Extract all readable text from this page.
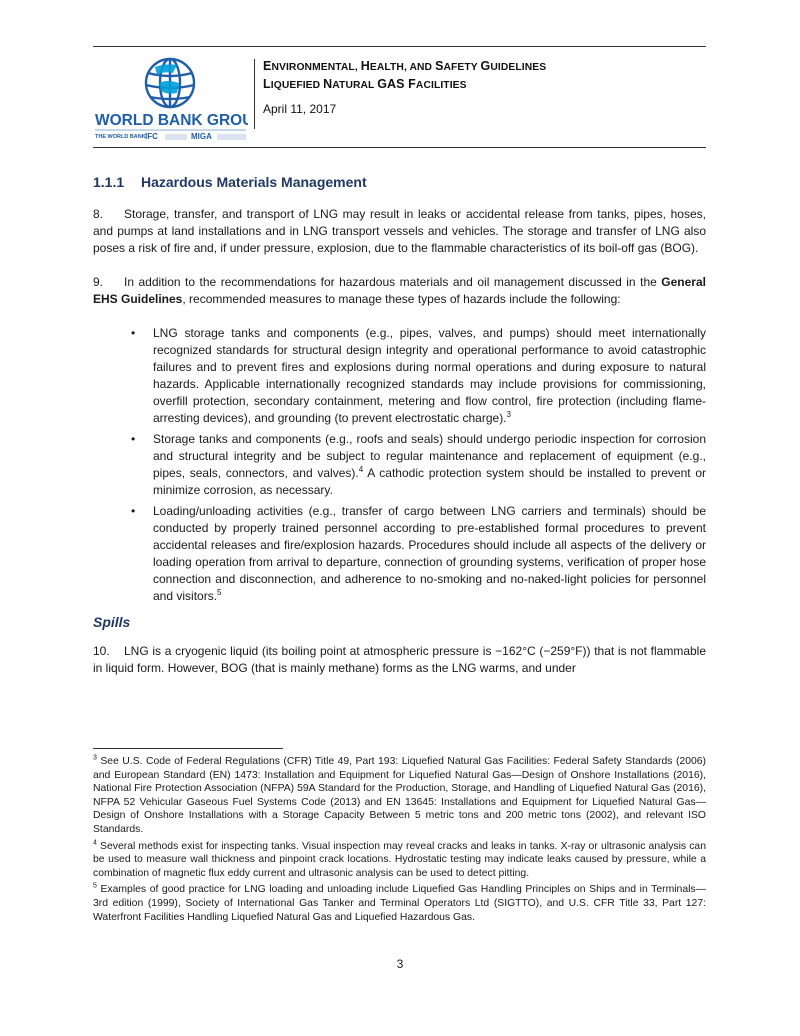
WORLD BANK GROUP
THE WORLD BANK IFC	MIGA
ENVIRONMENTAL, HEALTH, AND SAFETY GUIDELINES
LIQUEFIED NATURAL GAS FACILITIES
April 11, 2017
1.1.1 Hazardous Materials Management

8. Storage, transfer, and transport of LNG may result in leaks or accidental release from tanks, pipes, hoses, and pumps at land installations and in LNG transport vessels and vehicles. The storage and transfer of LNG also poses a risk of fire and, if under pressure, explosion, due to the flammable characteristics of its boil-off gas (BOG).

9. In addition to the recommendations for hazardous materials and oil management discussed in the General EHS Guidelines, recommended measures to manage these types of hazards include the following:

• LNG storage tanks and components (e.g., pipes, valves, and pumps) should meet internationally recognized standards for structural design integrity and operational performance to avoid catastrophic failures and to prevent fires and explosions during normal operations and during exposure to natural hazards. Applicable internationally recognized standards may include provisions for commissioning, overfill protection, secondary containment, metering and flow control, fire protection (including flame-arresting devices), and grounding (to prevent electrostatic charge).$^3$
• Storage tanks and components (e.g., roofs and seals) should undergo periodic inspection for corrosion and structural integrity and be subject to regular maintenance and replacement of equipment (e.g., pipes, seals, connectors, and valves).$^4$ A cathodic protection system should be installed to prevent or minimize corrosion, as necessary.
• Loading/unloading activities (e.g., transfer of cargo between LNG carriers and terminals) should be conducted by properly trained personnel according to pre-established formal procedures to prevent accidental releases and fire/explosion hazards. Procedures should include all aspects of the delivery or loading operation from arrival to departure, connection of grounding systems, verification of proper hose connection and disconnection, and adherence to no-smoking and no-naked-light policies for personnel and visitors.$^5$
Spills

10. LNG is a cryogenic liquid (its boiling point at atmospheric pressure is −162°C (−259°F)) that is not flammable in liquid form. However, BOG (that is mainly methane) forms as the LNG warms, and under

$^3$ See U.S. Code of Federal Regulations (CFR) Title 49, Part 193: Liquefied Natural Gas Facilities: Federal Safety Standards (2006) and European Standard (EN) 1473: Installation and Equipment for Liquefied Natural Gas—Design of Onshore Installations (2016), National Fire Protection Association (NFPA) 59A Standard for the Production, Storage, and Handling of Liquefied Natural Gas (2016), NFPA 52 Vehicular Gaseous Fuel Systems Code (2013) and EN 13645: Installations and Equipment for Liquefied Natural Gas—Design of Onshore Installations with a Storage Capacity Between 5 metric tons and 200 metric tons (2002), and relevant ISO Standards.
$^4$ Several methods exist for inspecting tanks. Visual inspection may reveal cracks and leaks in tanks. X-ray or ultrasonic analysis can be used to measure wall thickness and pinpoint crack locations. Hydrostatic testing may indicate leaks caused by pressure, while a combination of magnetic flux eddy current and ultrasonic analysis can be used to detect pitting.
$^5$ Examples of good practice for LNG loading and unloading include Liquefied Gas Handling Principles on Ships and in Terminals—3rd edition (1999), Society of International Gas Tanker and Terminal Operators Ltd (SIGTTO), and U.S. CFR Title 33, Part 127: Waterfront Facilities Handling Liquefied Natural Gas and Liquefied Hazardous Gas.
3
